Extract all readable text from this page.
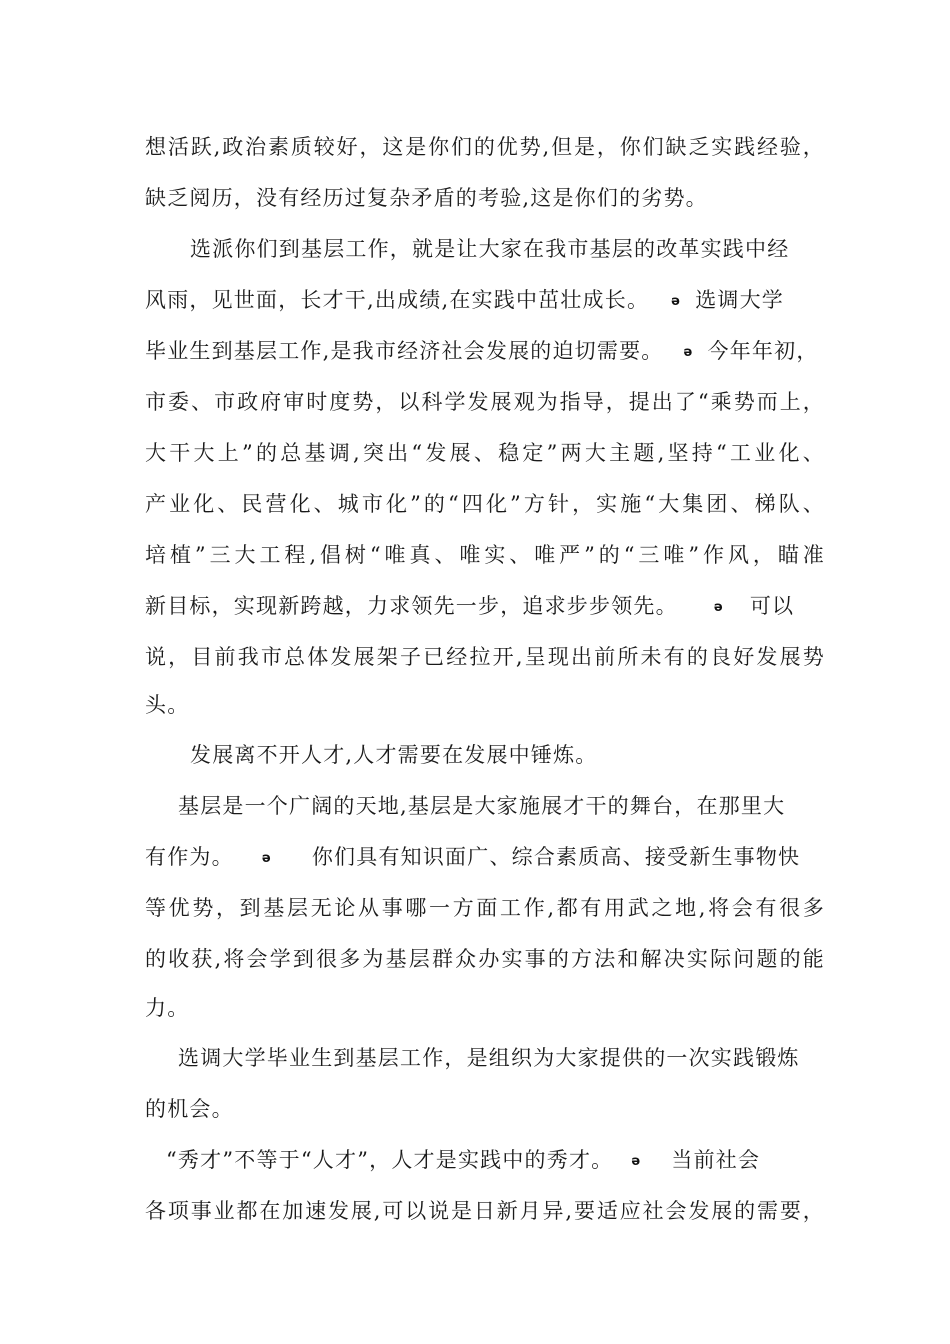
想活跃,政治素质较好，这是你们的优势,但是，你们缺乏实践经验，
缺乏阅历，没有经历过复杂矛盾的考验,这是你们的劣势。
选派你们到基层工作，就是让大家在我市基层的改革实践中经
风雨，见世面，长才干,出成绩,在实践中茁壮成长。 ǝ 选调大学
毕业生到基层工作,是我市经济社会发展的迫切需要。 ǝ 今年年初，
市委、市政府审时度势，以科学发展观为指导，提出了“乘势而上，
大干大上”的总基调,突出“发展、稳定”两大主题,坚持“工业化、
产业化、民营化、城市化”的“四化”方针，实施“大集团、梯队、
培植”三大工程,倡树“唯真、唯实、唯严”的“三唯”作风，瞄准
新目标，实现新跨越，力求领先一步，追求步步领先。	ǝ 可以
说，目前我市总体发展架子已经拉开,呈现出前所未有的良好发展势
头。
发展离不开人才,人才需要在发展中锤炼。
基层是一个广阔的天地,基层是大家施展才干的舞台，在那里大
有作为。 ǝ 你们具有知识面广、综合素质高、接受新生事物快
等优势，到基层无论从事哪一方面工作,都有用武之地,将会有很多
的收获,将会学到很多为基层群众办实事的方法和解决实际问题的能
力。
选调大学毕业生到基层工作，是组织为大家提供的一次实践锻炼
的机会。
“秀才”不等于“人才”，人才是实践中的秀才。 ǝ 当前社会
各项事业都在加速发展,可以说是日新月异,要适应社会发展的需要，
